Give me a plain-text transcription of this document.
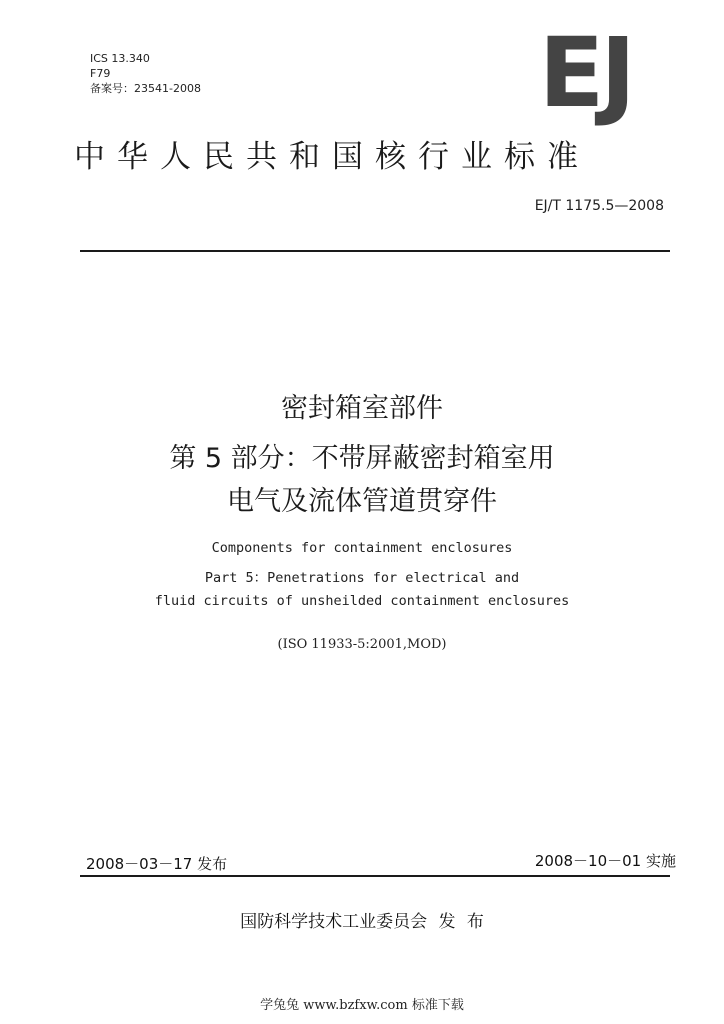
ICS 13.340
F79
备案号：23541-2008	EJ
中华人民共和国核行业标准
EJ/T 1175.5—2008
密封箱室部件
第 5 部分：不带屏蔽密封箱室用
电气及流体管道贯穿件
Components for containment enclosures
Part 5：Penetrations for electrical and
fluid circuits of unsheilded containment enclosures
(ISO 11933-5:2001,MOD)
2008－03－17 发布	2008－10－01 实施
国防科学技术工业委员会 发 布
学兔兔 www.bzfxw.com 标准下载
